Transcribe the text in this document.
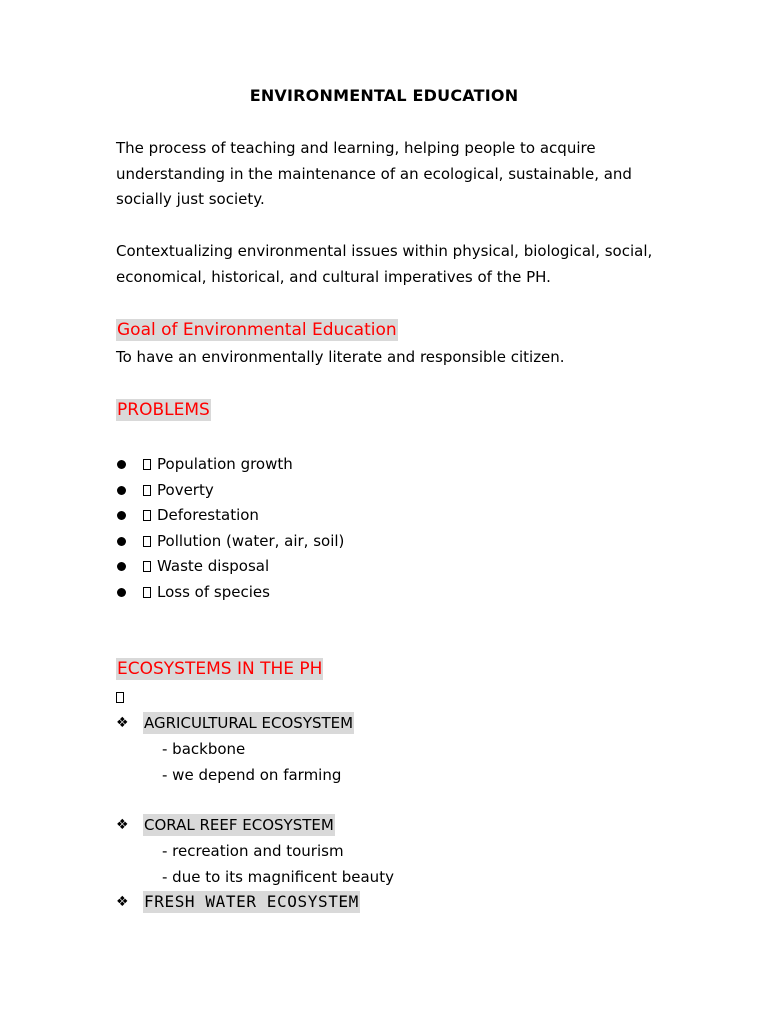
ENVIRONMENTAL EDUCATION
The process of teaching and learning, helping people to acquire understanding in the maintenance of an ecological, sustainable, and socially just society.
Contextualizing environmental issues within physical, biological, social, economical, historical, and cultural imperatives of the PH.
Goal of Environmental Education
To have an environmentally literate and responsible citizen.
PROBLEMS
Population growth
Poverty
Deforestation
Pollution (water, air, soil)
Waste disposal
Loss of species
ECOSYSTEMS IN THE PH
❖ AGRICULTURAL ECOSYSTEM
- backbone
- we depend on farming
❖ CORAL REEF ECOSYSTEM
- recreation and tourism
- due to its magnificent beauty
❖ FRESH WATER ECOSYSTEM
